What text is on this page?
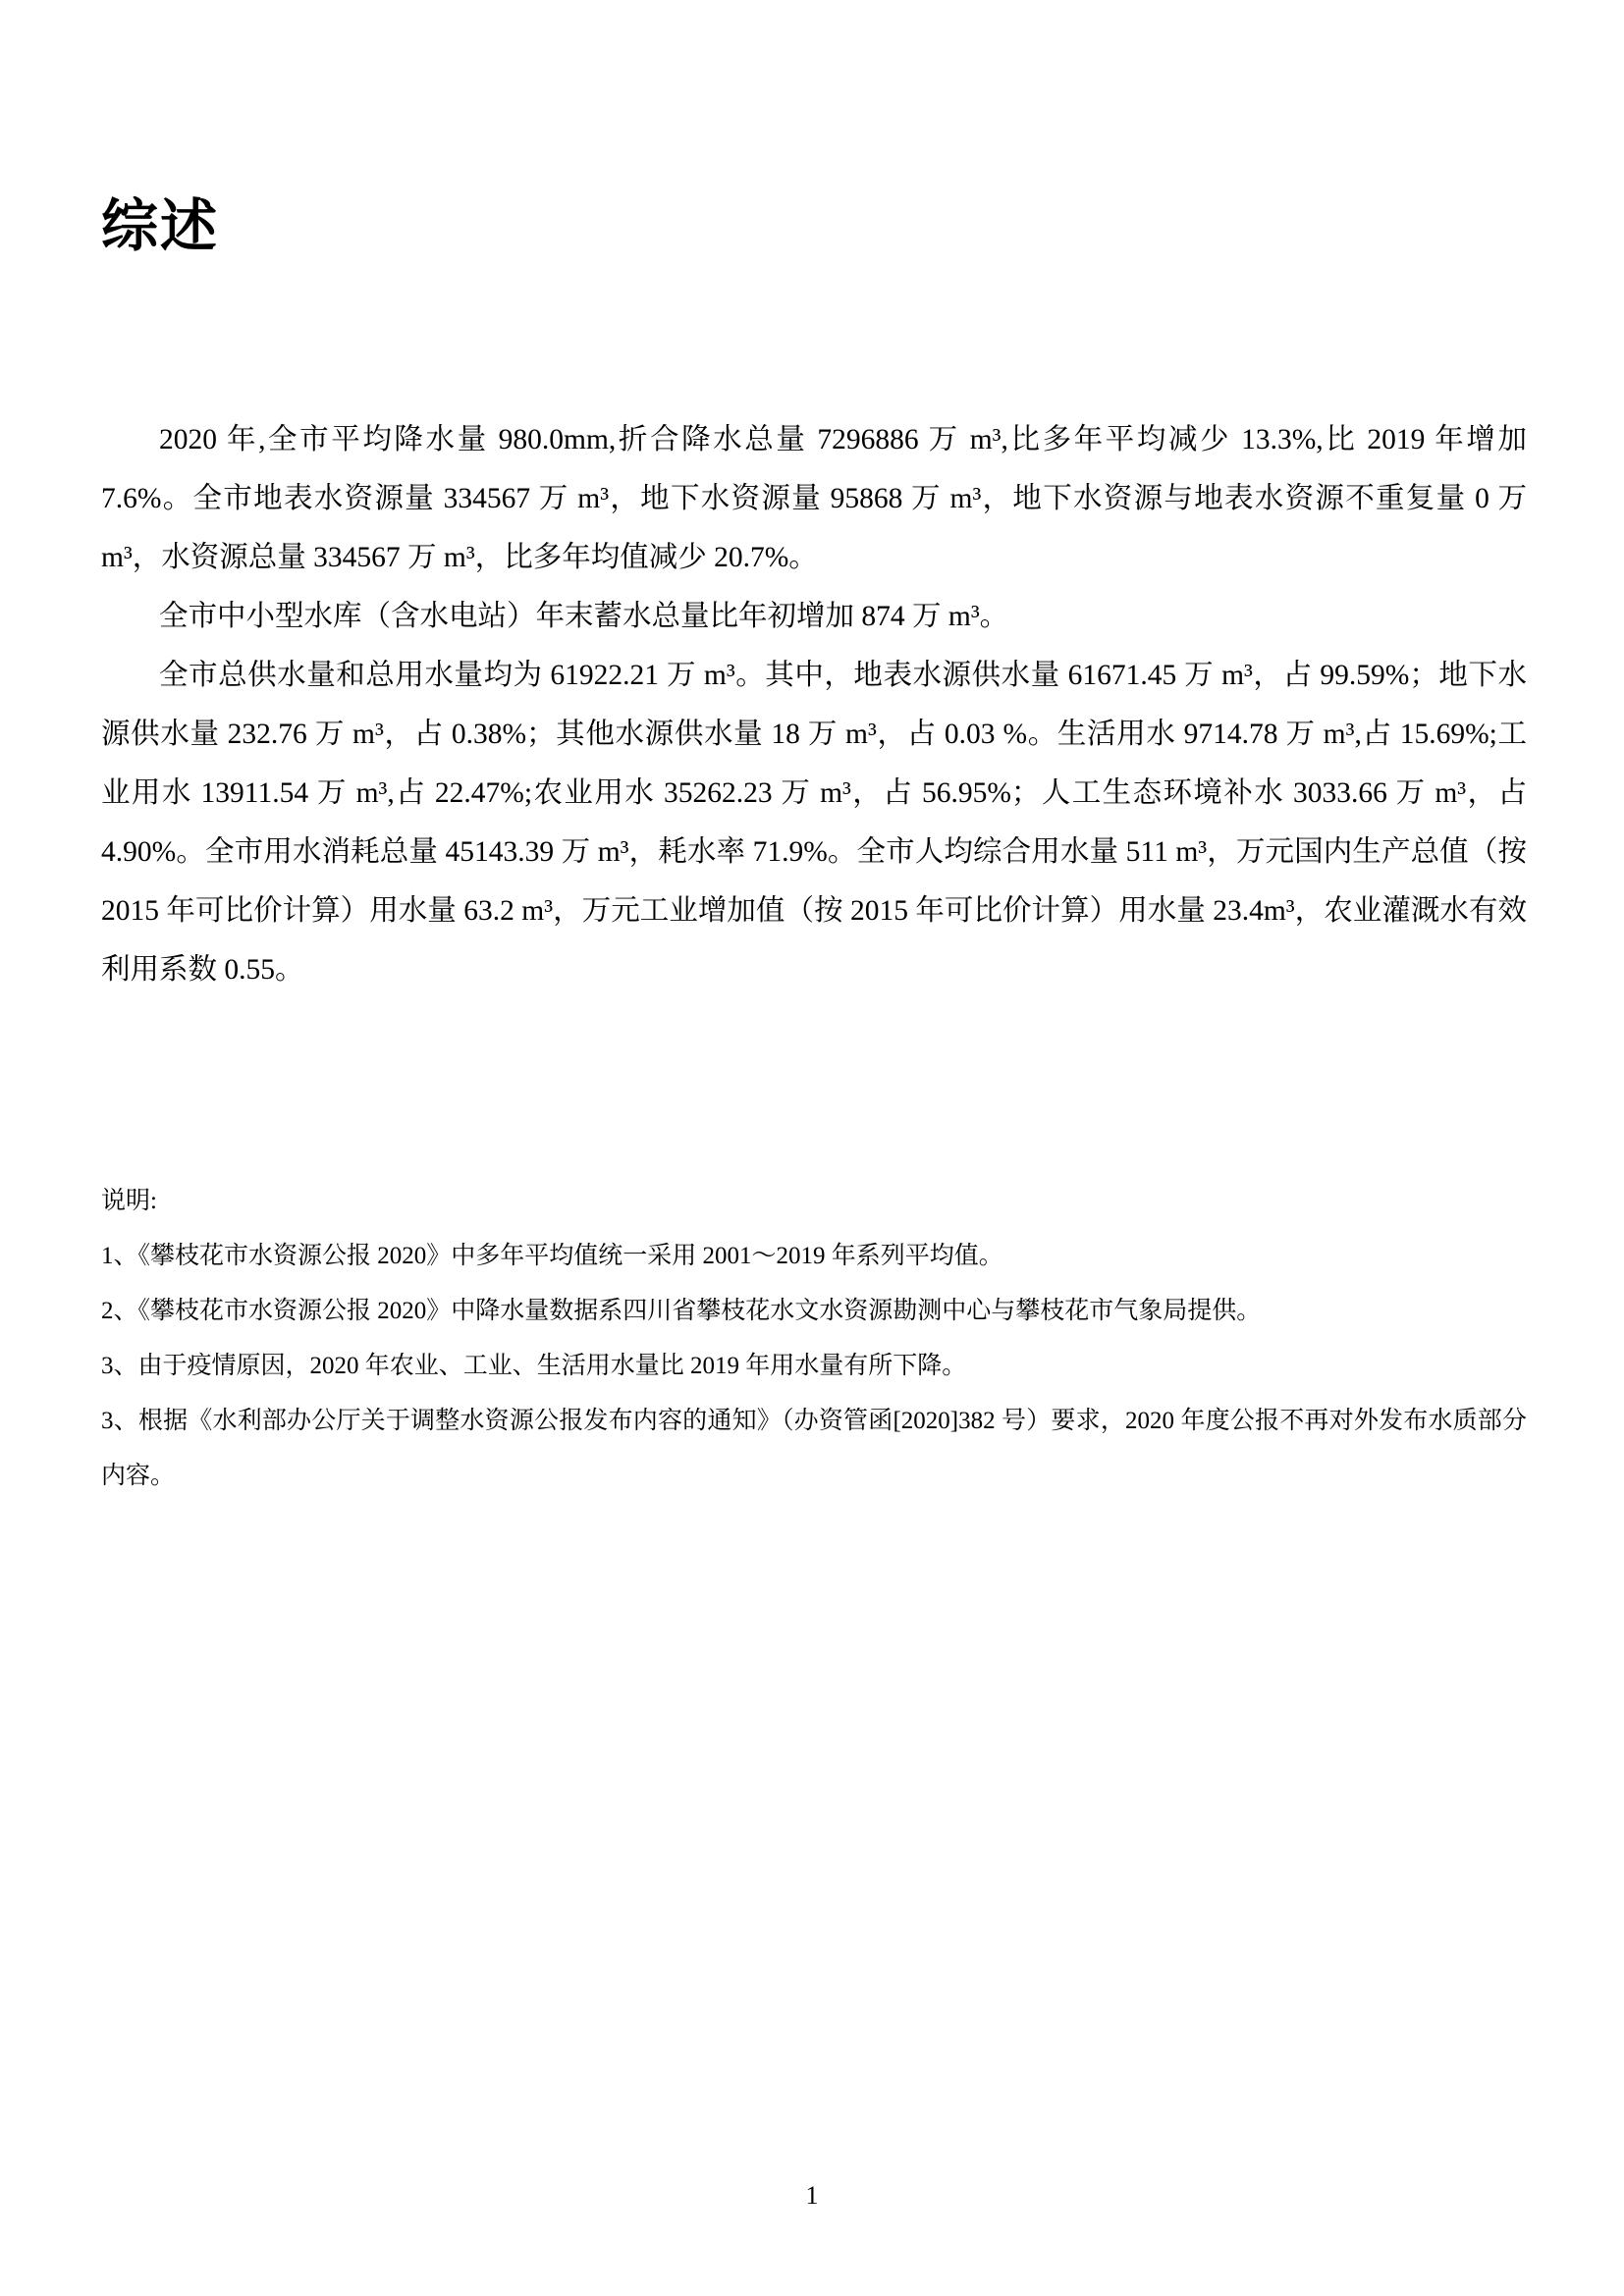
综述

2020 年,全市平均降水量 980.0mm,折合降水总量 7296886 万 m³,比多年平均减少 13.3%,比 2019 年增加 7.6%。全市地表水资源量 334567 万 m³，地下水资源量 95868 万 m³，地下水资源与地表水资源不重复量 0 万 m³，水资源总量 334567 万 m³，比多年均值减少 20.7%。

全市中小型水库（含水电站）年末蓄水总量比年初增加 874 万 m³。

全市总供水量和总用水量均为 61922.21 万 m³。其中，地表水源供水量 61671.45 万 m³，占 99.59%；地下水源供水量 232.76 万 m³，占 0.38%；其他水源供水量 18 万 m³，占 0.03 %。生活用水 9714.78 万 m³,占 15.69%;工业用水 13911.54 万 m³,占 22.47%;农业用水 35262.23 万 m³，占 56.95%；人工生态环境补水 3033.66 万 m³，占 4.90%。全市用水消耗总量 45143.39 万 m³，耗水率 71.9%。全市人均综合用水量 511 m³，万元国内生产总值（按 2015 年可比价计算）用水量 63.2 m³，万元工业增加值（按 2015 年可比价计算）用水量 23.4m³，农业灌溉水有效利用系数 0.55。

说明:

1、《攀枝花市水资源公报 2020》中多年平均值统一采用 2001～2019 年系列平均值。

2、《攀枝花市水资源公报 2020》中降水量数据系四川省攀枝花水文水资源勘测中心与攀枝花市气象局提供。

3、由于疫情原因，2020 年农业、工业、生活用水量比 2019 年用水量有所下降。

3、根据《水利部办公厅关于调整水资源公报发布内容的通知》（办资管函[2020]382 号）要求，2020 年度公报不再对外发布水质部分内容。

1
